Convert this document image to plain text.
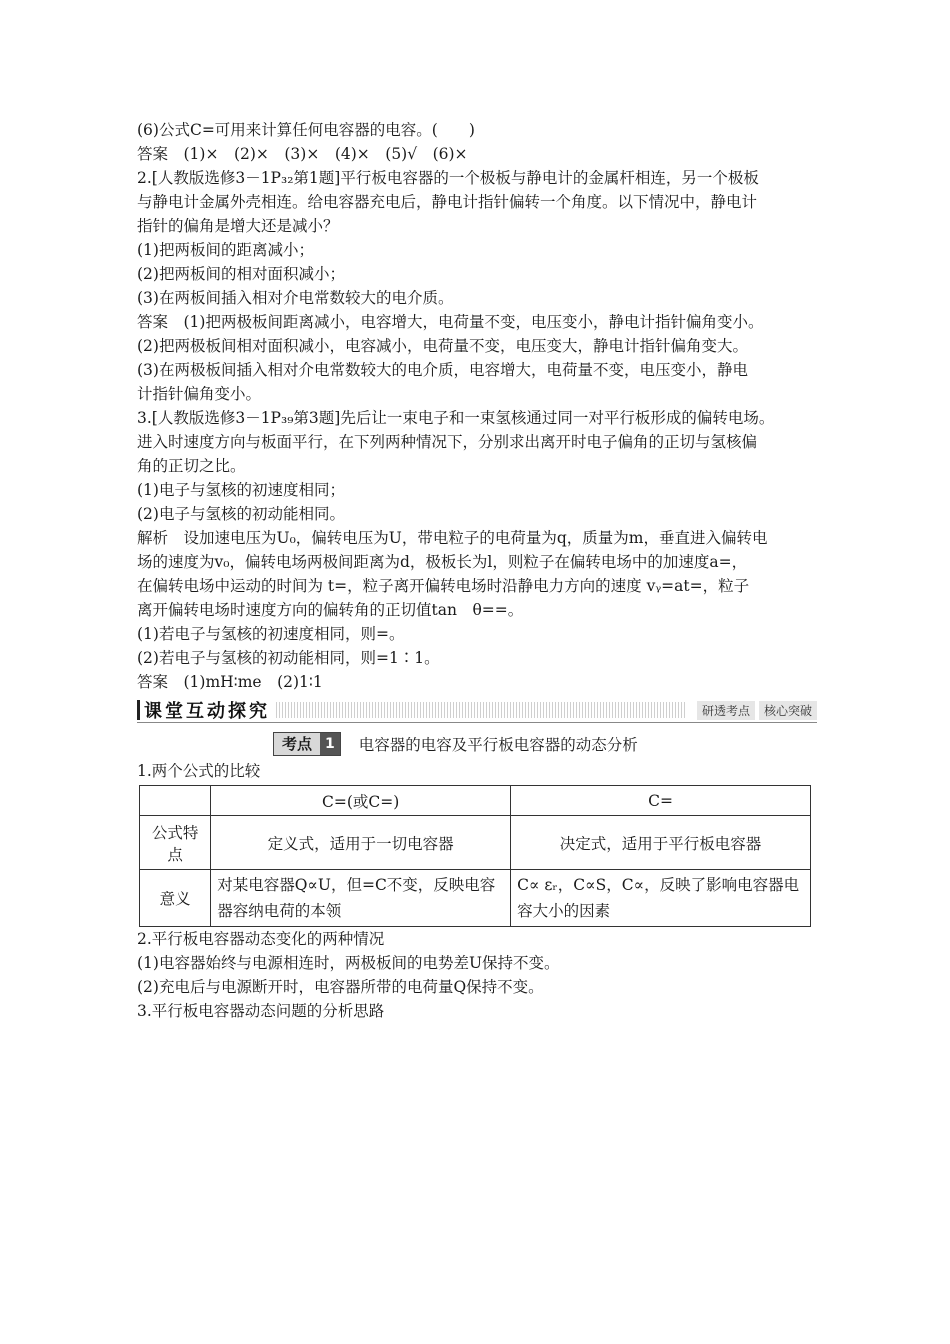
(6)公式C=可用来计算任何电容器的电容。(　　)

答案　(1)×　(2)×　(3)×　(4)×　(5)√　(6)×

2.[人教版选修3－1P₃₂第1题]平行板电容器的一个极板与静电计的金属杆相连，另一个极板

与静电计金属外壳相连。给电容器充电后，静电计指针偏转一个角度。以下情况中，静电计

指针的偏角是增大还是减小？

(1)把两板间的距离减小；

(2)把两板间的相对面积减小；

(3)在两板间插入相对介电常数较大的电介质。

答案　(1)把两极板间距离减小，电容增大，电荷量不变，电压变小，静电计指针偏角变小。

(2)把两极板间相对面积减小，电容减小，电荷量不变，电压变大，静电计指针偏角变大。

(3)在两极板间插入相对介电常数较大的电介质，电容增大，电荷量不变，电压变小，静电

计指针偏角变小。

3.[人教版选修3－1P₃₉第3题]先后让一束电子和一束氢核通过同一对平行板形成的偏转电场。

进入时速度方向与板面平行，在下列两种情况下，分别求出离开时电子偏角的正切与氢核偏

角的正切之比。

(1)电子与氢核的初速度相同；

(2)电子与氢核的初动能相同。

解析　设加速电压为U₀，偏转电压为U，带电粒子的电荷量为q，质量为m，垂直进入偏转电

场的速度为v₀，偏转电场两极间距离为d，极板长为l，则粒子在偏转电场中的加速度a=，

在偏转电场中运动的时间为 t=，粒子离开偏转电场时沿静电力方向的速度 vᵧ=at=，粒子

离开偏转电场时速度方向的偏转角的正切值tan　θ==。

(1)若电子与氢核的初速度相同，则=。

(2)若电子与氢核的初动能相同，则=1∶1。

答案　(1)mH∶me　(2)1∶1

课堂互动探究	研透考点	核心突破
考点 1	电容器的电容及平行板电容器的动态分析

1.两个公式的比较

	C=(或C=)	C=
公式特点	定义式，适用于一切电容器	决定式，适用于平行板电容器
意义	对某电容器Q∝U，但=C不变，反映电容器容纳电荷的本领	C∝ εᵣ，C∝S，C∝，反映了影响电容器电容大小的因素

2.平行板电容器动态变化的两种情况

(1)电容器始终与电源相连时，两极板间的电势差U保持不变。

(2)充电后与电源断开时，电容器所带的电荷量Q保持不变。

3.平行板电容器动态问题的分析思路
